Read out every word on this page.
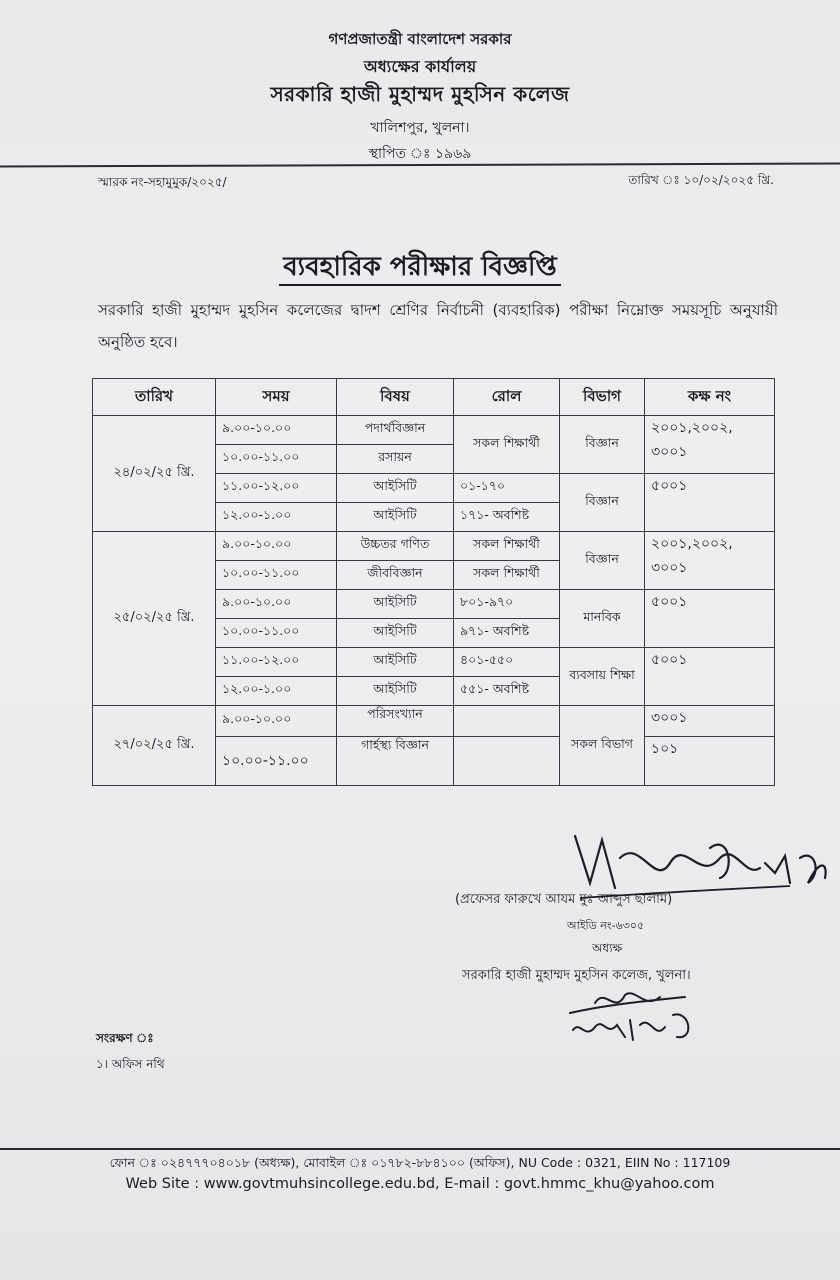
গণপ্রজাতন্ত্রী বাংলাদেশ সরকার
অধ্যক্ষের কার্যালয়
সরকারি হাজী মুহাম্মদ মুহসিন কলেজ
খালিশপুর, খুলনা।
স্থাপিত ঃ ১৯৬৯
স্মারক নং-সহামুমুক/২০২৫/	তারিখ ঃ ১০/০২/২০২৫ খ্রি.
ব্যবহারিক পরীক্ষার বিজ্ঞপ্তি
সরকারি হাজী মুহাম্মদ মুহসিন কলেজের দ্বাদশ শ্রেণির নির্বাচনী (ব্যবহারিক) পরীক্ষা নিম্নোক্ত সময়সূচি অনুযায়ী অনুষ্ঠিত হবে।
তারিখ	সময়	বিষয়	রোল	বিভাগ	কক্ষ নং
২৪/০২/২৫ খ্রি.	৯.০০-১০.০০	পদার্থবিজ্ঞান	সকল শিক্ষার্থী	বিজ্ঞান	২০০১,২০০২, ৩০০১
	১০.০০-১১.০০	রসায়ন			
	১১.০০-১২.০০	আইসিটি	০১-১৭০	বিজ্ঞান	৫০০১
	১২.০০-১.০০	আইসিটি	১৭১- অবশিষ্ট		
২৫/০২/২৫ খ্রি.	৯.০০-১০.০০	উচ্চতর গণিত	সকল শিক্ষার্থী	বিজ্ঞান	২০০১,২০০২, ৩০০১
	১০.০০-১১.০০	জীববিজ্ঞান	সকল শিক্ষার্থী		
	৯.০০-১০.০০	আইসিটি	৮০১-৯৭০	মানবিক	৫০০১
	১০.০০-১১.০০	আইসিটি	৯৭১- অবশিষ্ট		
	১১.০০-১২.০০	আইসিটি	৪০১-৫৫০	ব্যবসায় শিক্ষা	৫০০১
	১২.০০-১.০০	আইসিটি	৫৫১- অবশিষ্ট		
২৭/০২/২৫ খ্রি.	৯.০০-১০.০০	পরিসংখ্যান		সকল বিভাগ	৩০০১
	১০.০০-১১.০০	গার্হস্থ্য বিজ্ঞান			১০১
(প্রফেসর ফারুখে আযম মুঃ আব্দুস ছালাম)
আইডি নং-৬৩০৫
অধ্যক্ষ
সরকারি হাজী মুহাম্মদ মুহসিন কলেজ, খুলনা।
সংরক্ষণ ঃ
১। অফিস নথি
ফোন ঃ ০২৪৭৭৭০৪০১৮ (অধ্যক্ষ), মোবাইল ঃ ০১৭৮২-৮৮৪১০০ (অফিস), NU Code : 0321, EIIN No : 117109
Web Site : www.govtmuhsincollege.edu.bd, E-mail : govt.hmmc_khu@yahoo.com
